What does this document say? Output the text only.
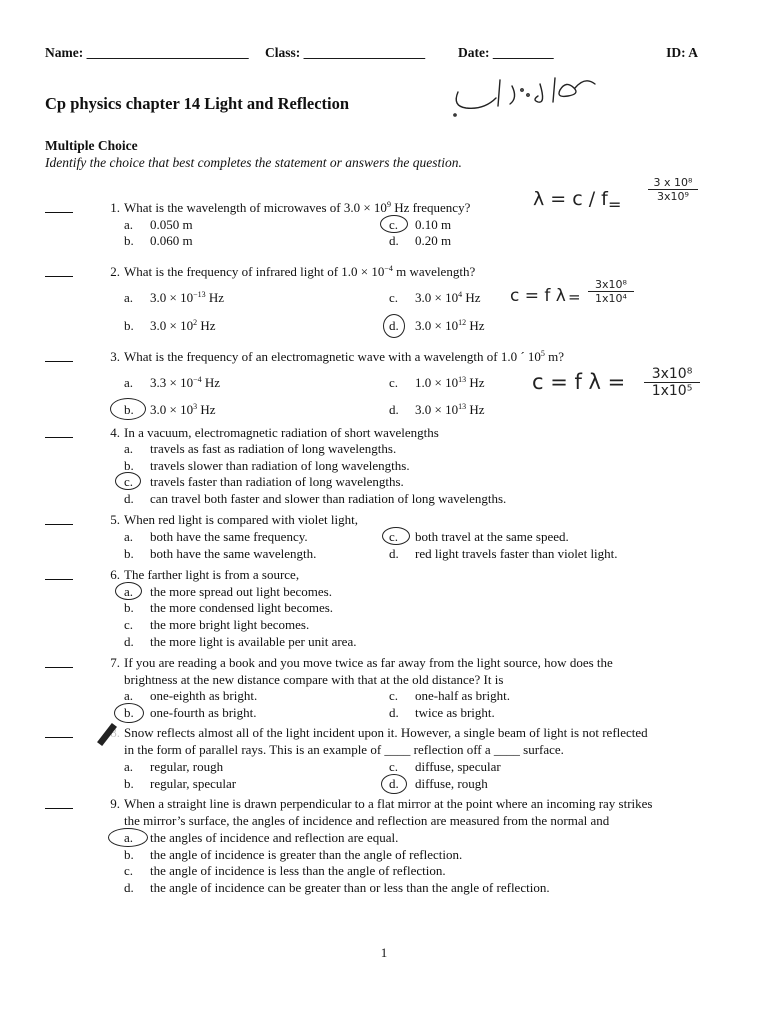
Name: ________________________ Class: __________________ Date: _________	ID: A
Cp physics chapter 14 Light and Reflection
Multiple Choice
Identify the choice that best completes the statement or answers the question.
1. What is the wavelength of microwaves of $3.0 \times 10^9$ Hz frequency?
a. 0.050 m
b. 0.060 m
c. 0.10 m
d. 0.20 m
λ = c / f
3 x 10⁸
3x10⁹
=
2. What is the frequency of infrared light of $1.0 \times 10^{-4}$ m wavelength?
a. $3.0 \times 10^{-13}$ Hz
b. $3.0 \times 10^2$ Hz
c. $3.0 \times 10^4$ Hz
d. $3.0 \times 10^{12}$ Hz
c = f λ =
3x10⁸
1x10⁴
3. What is the frequency of an electromagnetic wave with a wavelength of 1.0 ´ $10^5$ m?
a. $3.3 \times 10^{-4}$ Hz
b. $3.0 \times 10^3$ Hz
c. $1.0 \times 10^{13}$ Hz
d. $3.0 \times 10^{13}$ Hz
c = f λ =	3x10⁸
1x10⁵
4. In a vacuum, electromagnetic radiation of short wavelengths
a. travels as fast as radiation of long wavelengths.
b. travels slower than radiation of long wavelengths.
c. travels faster than radiation of long wavelengths.
d. can travel both faster and slower than radiation of long wavelengths.
5. When red light is compared with violet light,
a. both have the same frequency.
b. both have the same wavelength.
c. both travel at the same speed.
d. red light travels faster than violet light.
6. The farther light is from a source,
a. the more spread out light becomes.
b. the more condensed light becomes.
c. the more bright light becomes.
d. the more light is available per unit area.
7. If you are reading a book and you move twice as far away from the light source, how does the
brightness at the new distance compare with that at the old distance? It is
a. one-eighth as bright.
b. one-fourth as bright.
c. one-half as bright.
d. twice as bright.
8. Snow reflects almost all of the light incident upon it. However, a single beam of light is not reflected
in the form of parallel rays. This is an example of ____ reflection off a ____ surface.
a. regular, rough
b. regular, specular
c. diffuse, specular
d. diffuse, rough
9. When a straight line is drawn perpendicular to a flat mirror at the point where an incoming ray strikes
the mirror’s surface, the angles of incidence and reflection are measured from the normal and
a. the angles of incidence and reflection are equal.
b. the angle of incidence is greater than the angle of reflection.
c. the angle of incidence is less than the angle of reflection.
d. the angle of incidence can be greater than or less than the angle of reflection.
1
